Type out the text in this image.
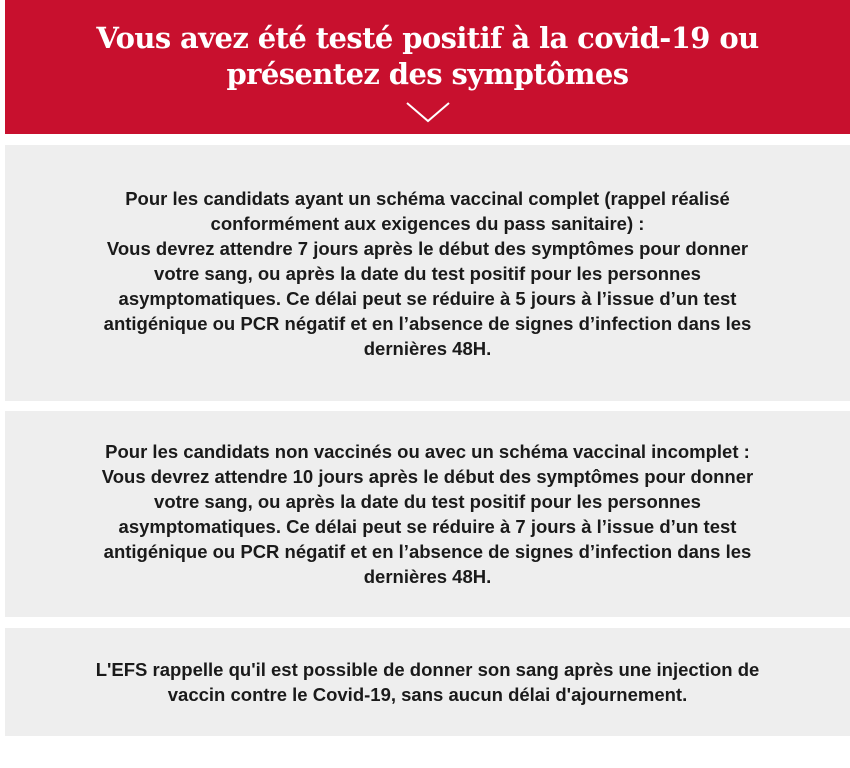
Vous avez été testé positif à la covid-19 ou
présentez des symptômes

Pour les candidats ayant un schéma vaccinal complet (rappel réalisé
conformément aux exigences du pass sanitaire) :
Vous devrez attendre 7 jours après le début des symptômes pour donner
votre sang, ou après la date du test positif pour les personnes
asymptomatiques. Ce délai peut se réduire à 5 jours à l’issue d’un test
antigénique ou PCR négatif et en l’absence de signes d’infection dans les
dernières 48H.

Pour les candidats non vaccinés ou avec un schéma vaccinal incomplet :
Vous devrez attendre 10 jours après le début des symptômes pour donner
votre sang, ou après la date du test positif pour les personnes
asymptomatiques. Ce délai peut se réduire à 7 jours à l’issue d’un test
antigénique ou PCR négatif et en l’absence de signes d’infection dans les
dernières 48H.

L'EFS rappelle qu'il est possible de donner son sang après une injection de
vaccin contre le Covid-19, sans aucun délai d'ajournement.
